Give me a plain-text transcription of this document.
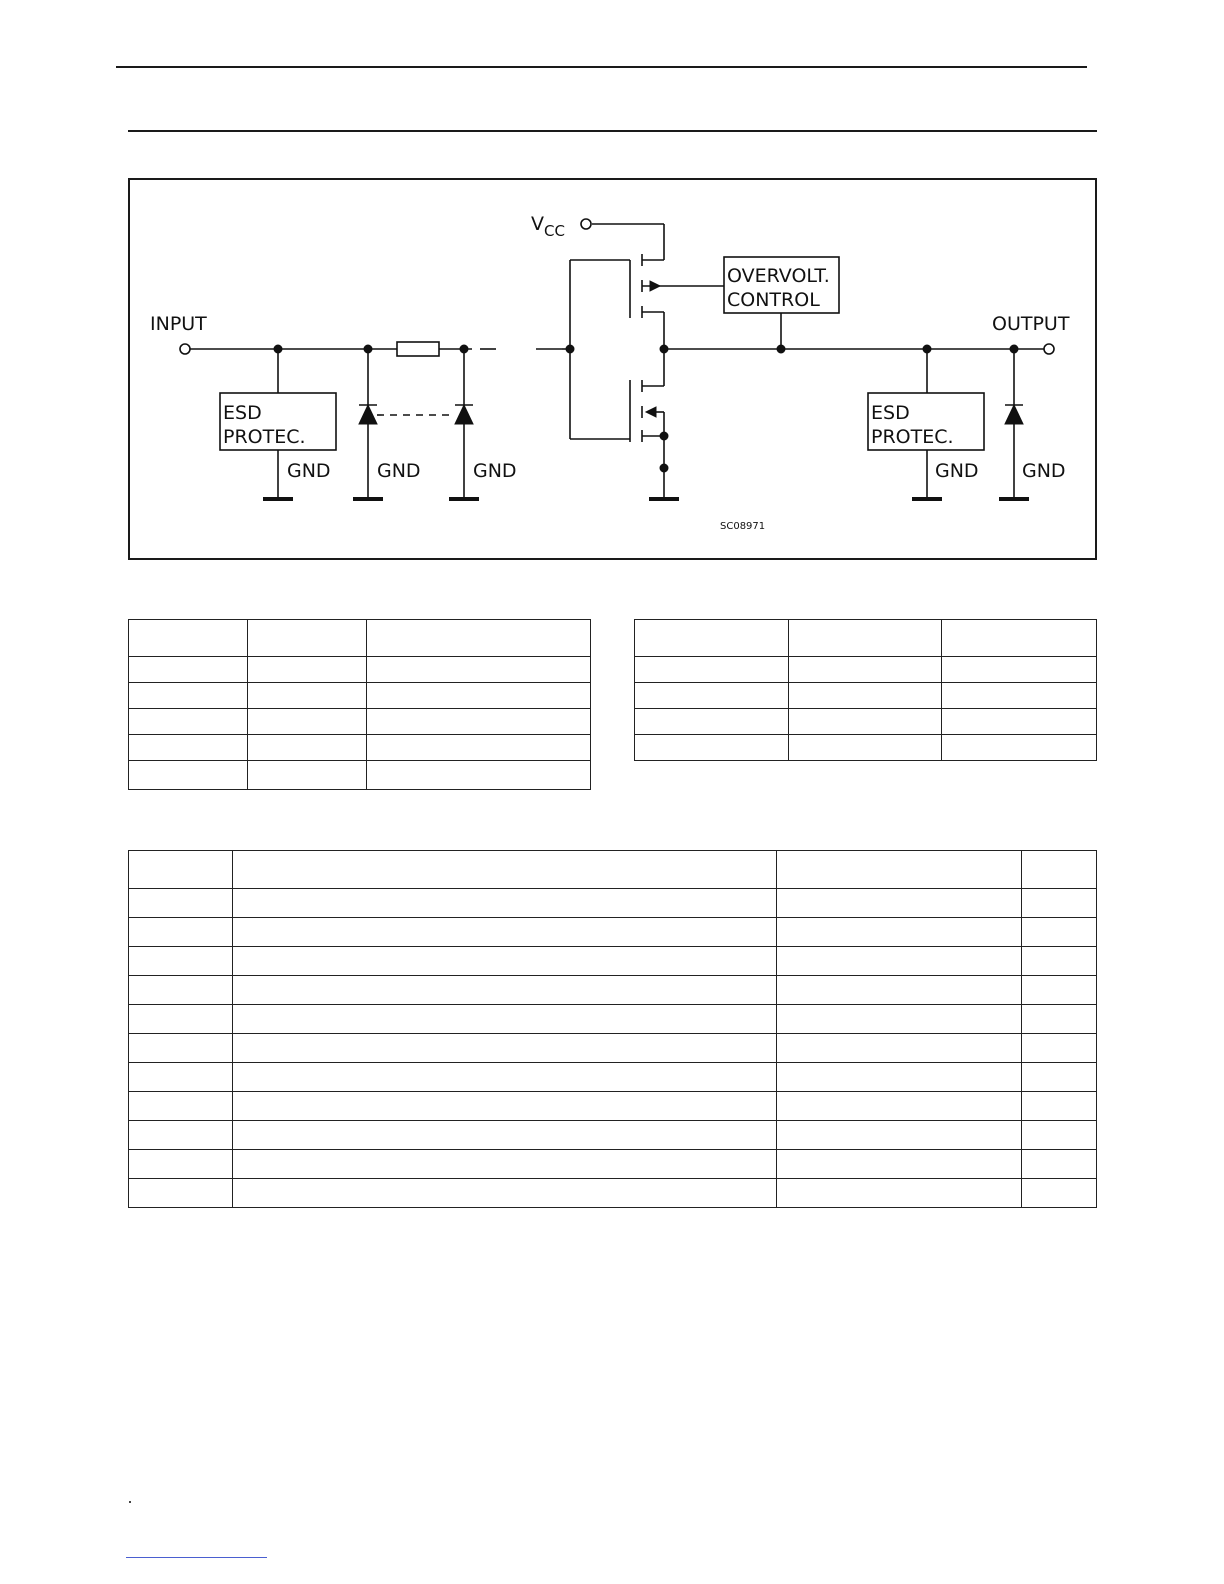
INPUT	OUTPUT
V CC
OVERVOLT.
CONTROL
ESD
PROTEC.
ESD
PROTEC.
GND GND	GND	GND GND
SC08971
